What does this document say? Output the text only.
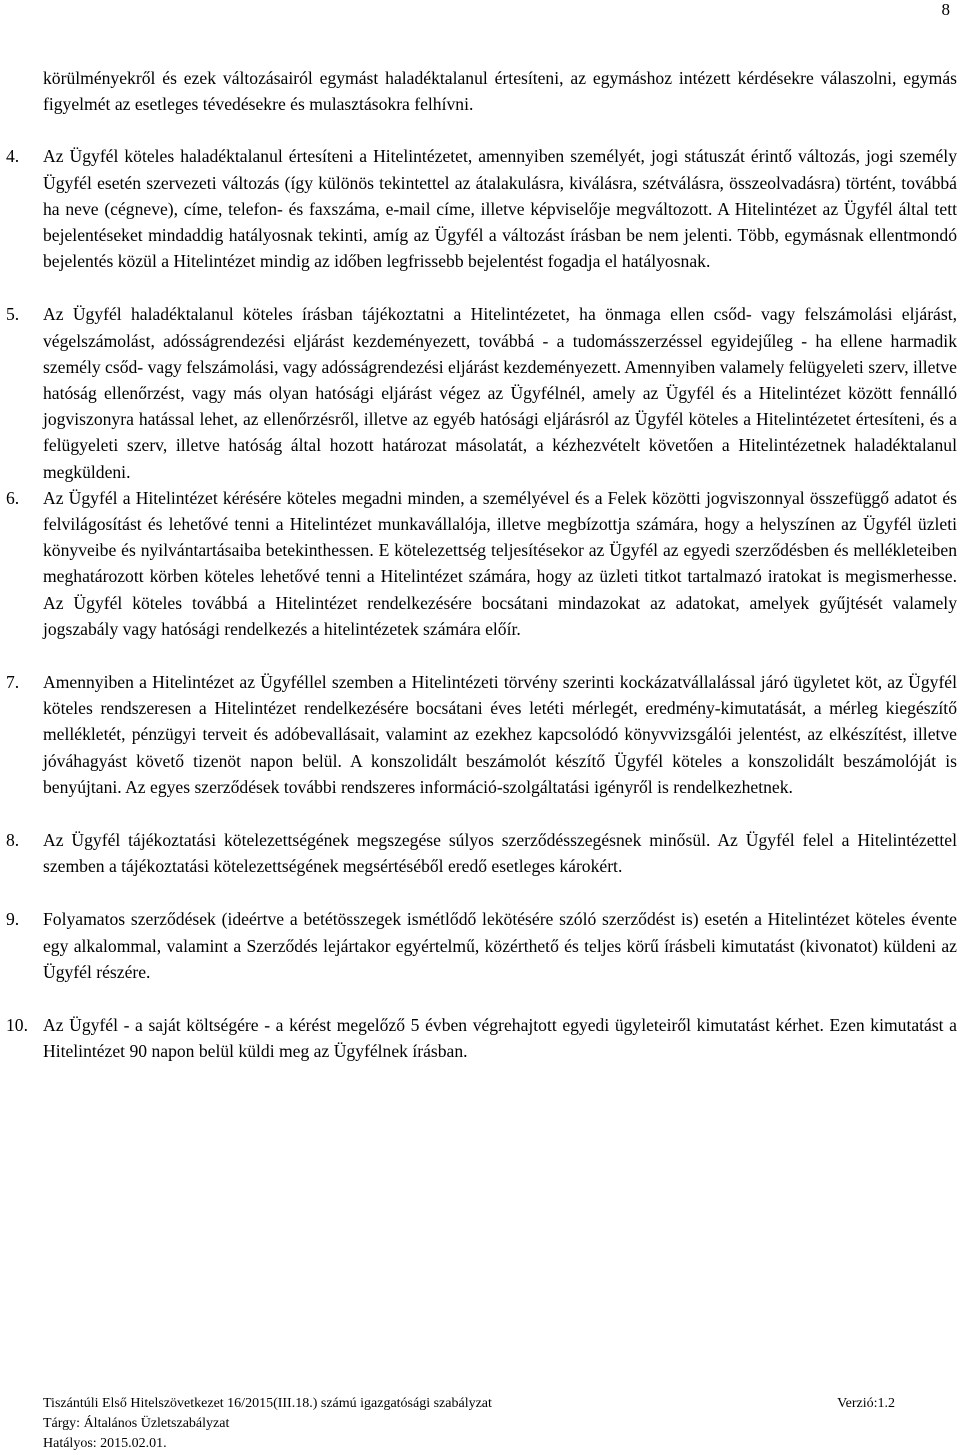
8

körülményekről és ezek változásairól egymást haladéktalanul értesíteni, az egymáshoz intézett kérdésekre válaszolni, egymás figyelmét az esetleges tévedésekre és mulasztásokra felhívni.

4. Az Ügyfél köteles haladéktalanul értesíteni a Hitelintézetet, amennyiben személyét, jogi státuszát érintő változás, jogi személy Ügyfél esetén szervezeti változás (így különös tekintettel az átalakulásra, kiválásra, szétválásra, összeolvadásra) történt, továbbá ha neve (cégneve), címe, telefon- és faxszáma, e-mail címe, illetve képviselője megváltozott. A Hitelintézet az Ügyfél által tett bejelentéseket mindaddig hatályosnak tekinti, amíg az Ügyfél a változást írásban be nem jelenti. Több, egymásnak ellentmondó bejelentés közül a Hitelintézet mindig az időben legfrissebb bejelentést fogadja el hatályosnak.
5. Az Ügyfél haladéktalanul köteles írásban tájékoztatni a Hitelintézetet, ha önmaga ellen csőd- vagy felszámolási eljárást, végelszámolást, adósságrendezési eljárást kezdeményezett, továbbá - a tudomásszerzéssel egyidejűleg - ha ellene harmadik személy csőd- vagy felszámolási, vagy adósságrendezési eljárást kezdeményezett. Amennyiben valamely felügyeleti szerv, illetve hatóság ellenőrzést, vagy más olyan hatósági eljárást végez az Ügyfélnél, amely az Ügyfél és a Hitelintézet között fennálló jogviszonyra hatással lehet, az ellenőrzésről, illetve az egyéb hatósági eljárásról az Ügyfél köteles a Hitelintézetet értesíteni, és a felügyeleti szerv, illetve hatóság által hozott határozat másolatát, a kézhezvételt követően a Hitelintézetnek haladéktalanul megküldeni.
6. Az Ügyfél a Hitelintézet kérésére köteles megadni minden, a személyével és a Felek közötti jogviszonnyal összefüggő adatot és felvilágosítást és lehetővé tenni a Hitelintézet munkavállalója, illetve megbízottja számára, hogy a helyszínen az Ügyfél üzleti könyveibe és nyilvántartásaiba betekinthessen. E kötelezettség teljesítésekor az Ügyfél az egyedi szerződésben és mellékleteiben meghatározott körben köteles lehetővé tenni a Hitelintézet számára, hogy az üzleti titkot tartalmazó iratokat is megismerhesse. Az Ügyfél köteles továbbá a Hitelintézet rendelkezésére bocsátani mindazokat az adatokat, amelyek gyűjtését valamely jogszabály vagy hatósági rendelkezés a hitelintézetek számára előír.
7. Amennyiben a Hitelintézet az Ügyféllel szemben a Hitelintézeti törvény szerinti kockázatvállalással járó ügyletet köt, az Ügyfél köteles rendszeresen a Hitelintézet rendelkezésére bocsátani éves letéti mérlegét, eredmény-kimutatását, a mérleg kiegészítő mellékletét, pénzügyi terveit és adóbevallásait, valamint az ezekhez kapcsolódó könyvvizsgálói jelentést, az elkészítést, illetve jóváhagyást követő tizenöt napon belül. A konszolidált beszámolót készítő Ügyfél köteles a konszolidált beszámolóját is benyújtani. Az egyes szerződések további rendszeres információ-szolgáltatási igényről is rendelkezhetnek.
8. Az Ügyfél tájékoztatási kötelezettségének megszegése súlyos szerződésszegésnek minősül. Az Ügyfél felel a Hitelintézettel szemben a tájékoztatási kötelezettségének megsértéséből eredő esetleges károkért.
9. Folyamatos szerződések (ideértve a betétösszegek ismétlődő lekötésére szóló szerződést is) esetén a Hitelintézet köteles évente egy alkalommal, valamint a Szerződés lejártakor egyértelmű, közérthető és teljes körű írásbeli kimutatást (kivonatot) küldeni az Ügyfél részére.
10. Az Ügyfél - a saját költségére - a kérést megelőző 5 évben végrehajtott egyedi ügyleteiről kimutatást kérhet. Ezen kimutatást a Hitelintézet 90 napon belül küldi meg az Ügyfélnek írásban.
Tiszántúli Első Hitelszövetkezet 16/2015(III.18.) számú igazgatósági szabályzat	Verzió:1.2
Tárgy: Általános Üzletszabályzat
Hatályos: 2015.02.01.
